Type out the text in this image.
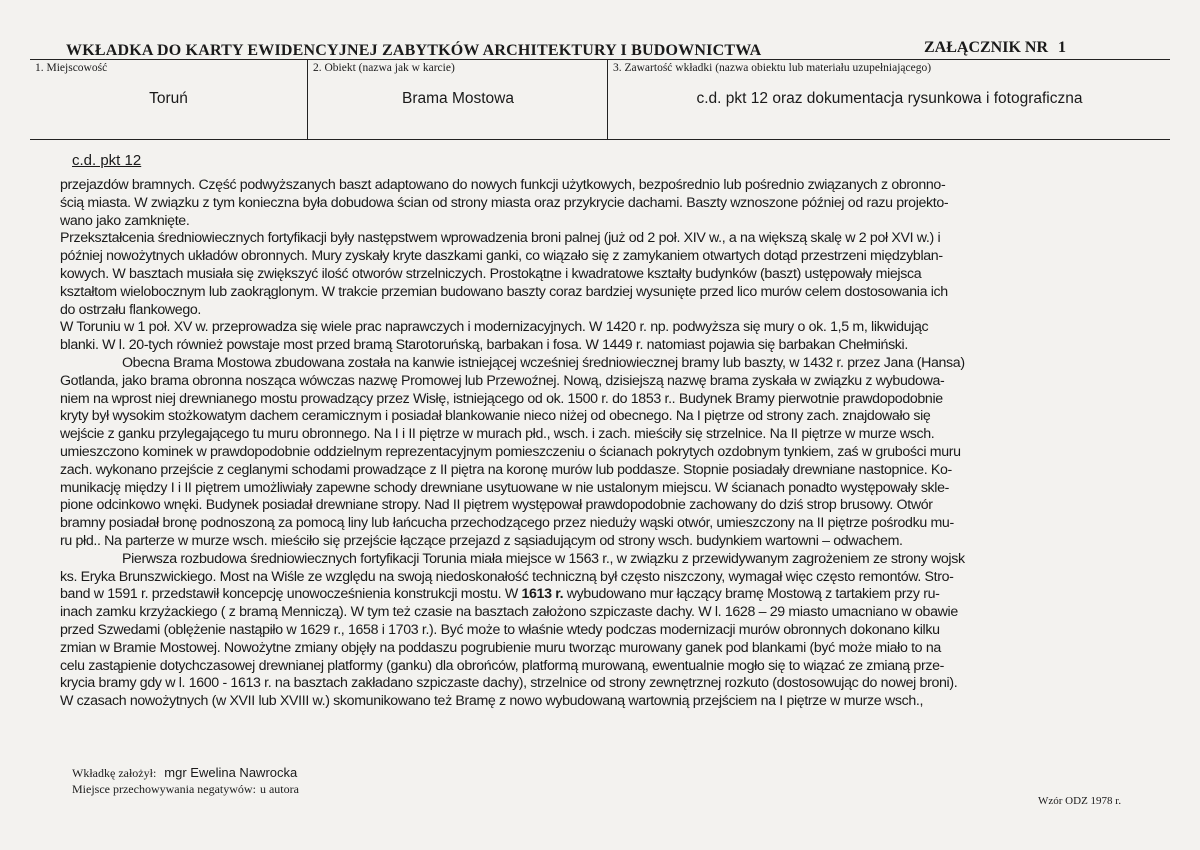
WKŁADKA DO KARTY EWIDENCYJNEJ ZABYTKÓW ARCHITEKTURY I BUDOWNICTWA	ZAŁĄCZNIK NR 1
1. Miejscowość
Toruń
2. Obiekt (nazwa jak w karcie)
Brama Mostowa
3. Zawartość wkładki (nazwa obiektu lub materiału uzupełniającego)
c.d. pkt 12 oraz dokumentacja rysunkowa i fotograficzna
c.d. pkt 12
przejazdów bramnych. Część podwyższanych baszt adaptowano do nowych funkcji użytkowych, bezpośrednio lub pośrednio związanych z obronno-
ścią miasta. W związku z tym konieczna była dobudowa ścian od strony miasta oraz przykrycie dachami. Baszty wznoszone później od razu projekto-
wano jako zamknięte.
Przekształcenia średniowiecznych fortyfikacji były następstwem wprowadzenia broni palnej (już od 2 poł. XIV w., a na większą skalę w 2 poł XVI w.) i
później nowożytnych układów obronnych. Mury zyskały kryte daszkami ganki, co wiązało się z zamykaniem otwartych dotąd przestrzeni międzyblan-
kowych. W basztach musiała się zwiększyć ilość otworów strzelniczych. Prostokątne i kwadratowe kształty budynków (baszt) ustępowały miejsca
kształtom wielobocznym lub zaokrąglonym. W trakcie przemian budowano baszty coraz bardziej wysunięte przed lico murów celem dostosowania ich
do ostrzału flankowego.
W Toruniu w 1 poł. XV w. przeprowadza się wiele prac naprawczych i modernizacyjnych. W 1420 r. np. podwyższa się mury o ok. 1,5 m, likwidując
blanki. W l. 20-tych również powstaje most przed bramą Starotoruńską, barbakan i fosa. W 1449 r. natomiast pojawia się barbakan Chełmiński.
Obecna Brama Mostowa zbudowana została na kanwie istniejącej wcześniej średniowiecznej bramy lub baszty, w 1432 r. przez Jana (Hansa)
Gotlanda, jako brama obronna nosząca wówczas nazwę Promowej lub Przewoźnej. Nową, dzisiejszą nazwę brama zyskała w związku z wybudowa-
niem na wprost niej drewnianego mostu prowadzący przez Wisłę, istniejącego od ok. 1500 r. do 1853 r.. Budynek Bramy pierwotnie prawdopodobnie
kryty był wysokim stożkowatym dachem ceramicznym i posiadał blankowanie nieco niżej od obecnego. Na I piętrze od strony zach. znajdowało się
wejście z ganku przylegającego tu muru obronnego. Na I i II piętrze w murach płd., wsch. i zach. mieściły się strzelnice. Na II piętrze w murze wsch.
umieszczono kominek w prawdopodobnie oddzielnym reprezentacyjnym pomieszczeniu o ścianach pokrytych ozdobnym tynkiem, zaś w grubości muru
zach. wykonano przejście z ceglanymi schodami prowadzące z II piętra na koronę murów lub poddasze. Stopnie posiadały drewniane nastopnice. Ko-
munikację między I i II piętrem umożliwiały zapewne schody drewniane usytuowane w nie ustalonym miejscu. W ścianach ponadto występowały skle-
pione odcinkowo wnęki. Budynek posiadał drewniane stropy. Nad II piętrem występował prawdopodobnie zachowany do dziś strop brusowy. Otwór
bramny posiadał bronę podnoszoną za pomocą liny lub łańcucha przechodzącego przez nieduży wąski otwór, umieszczony na II piętrze pośrodku mu-
ru płd.. Na parterze w murze wsch. mieściło się przejście łączące przejazd z sąsiadującym od strony wsch. budynkiem wartowni – odwachem.
Pierwsza rozbudowa średniowiecznych fortyfikacji Torunia miała miejsce w 1563 r., w związku z przewidywanym zagrożeniem ze strony wojsk
ks. Eryka Brunszwickiego. Most na Wiśle ze względu na swoją niedoskonałość techniczną był często niszczony, wymagał więc często remontów. Stro-
band w 1591 r. przedstawił koncepcję unowocześnienia konstrukcji mostu. W 1613 r. wybudowano mur łączący bramę Mostową z tartakiem przy ru-
inach zamku krzyżackiego ( z bramą Menniczą). W tym też czasie na basztach założono szpiczaste dachy. W l. 1628 – 29 miasto umacniano w obawie
przed Szwedami (oblężenie nastąpiło w 1629 r., 1658 i 1703 r.). Być może to właśnie wtedy podczas modernizacji murów obronnych dokonano kilku
zmian w Bramie Mostowej. Nowożytne zmiany objęły na poddaszu pogrubienie muru tworząc murowany ganek pod blankami (być może miało to na
celu zastąpienie dotychczasowej drewnianej platformy (ganku) dla obrońców, platformą murowaną, ewentualnie mogło się to wiązać ze zmianą prze-
krycia bramy gdy w l. 1600 - 1613 r. na basztach zakładano szpiczaste dachy), strzelnice od strony zewnętrznej rozkuto (dostosowując do nowej broni).
W czasach nowożytnych (w XVII lub XVIII w.) skomunikowano też Bramę z nowo wybudowaną wartownią przejściem na I piętrze w murze wsch.,
Wkładkę założył: mgr Ewelina Nawrocka
Miejsce przechowywania negatywów: u autora
Wzór ODZ 1978 r.
